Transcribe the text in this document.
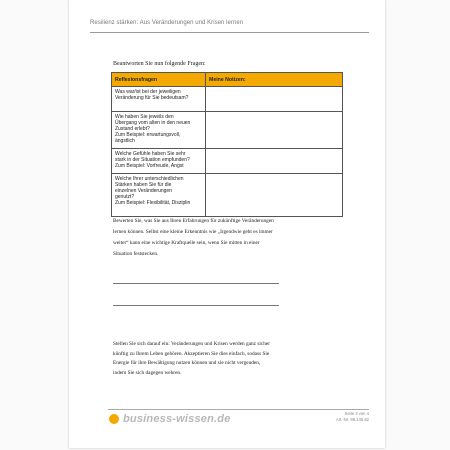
Resilienz stärken: Aus Veränderungen und Krisen lernen
Beantworten Sie nun folgende Fragen:
Reflexionsfragen	Meine Notizen:

Was war/ist bei der jeweiligen
Veränderung für Sie bedeutsam?	

Wie haben Sie jeweils den
Übergang vom alten in den neuen
Zustand erlebt?
Zum Beispiel: erwartungsvoll,
ängstlich	

Welche Gefühle haben Sie sehr
stark in der Situation empfunden?
Zum Beispiel: Vorfreude, Angst	

Welche Ihrer unterschiedlichen
Stärken haben Sie für die
einzelnen Veränderungen
genutzt?
Zum Beispiel: Flexibilität, Disziplin	

Bewerten Sie, was Sie aus Ihren Erfahrungen für zukünftige Veränderungen
lernen können. Selbst eine kleine Erkenntnis wie „Irgendwie geht es immer
weiter“ kann eine wichtige Kraftquelle sein, wenn Sie mitten in einer
Situation feststecken.
Stellen Sie sich darauf ein: Veränderungen und Krisen werden ganz sicher
künftig zu Ihrem Leben gehören. Akzeptieren Sie dies einfach, sodass Sie
Energie für ihre Bewältigung nutzen können und sie nicht vergeuden,
indem Sie sich dagegen wehren.
business-wissen.de	Seite 3 von 4
Art.-Nr. 99.145.82
